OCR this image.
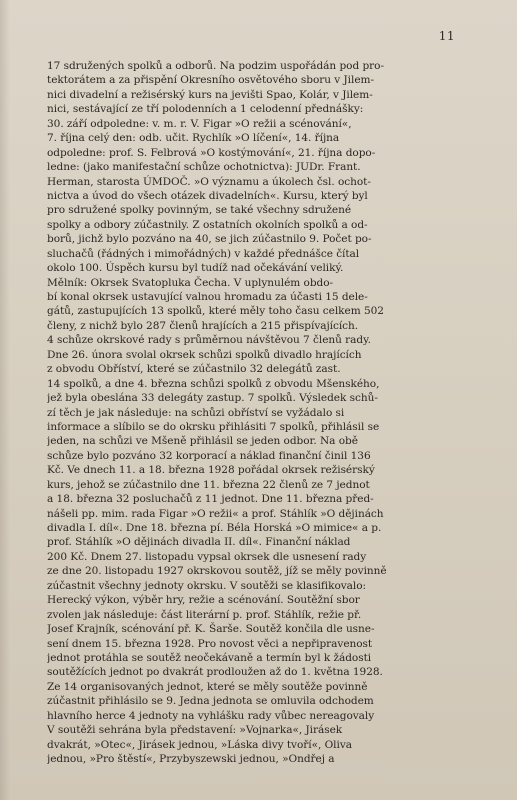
11
17 sdružených spolků a odborů. Na podzim uspořádán pod pro-
tektorátem a za přispění Okresního osvětového sboru v Jilem-
nici divadelní a režisérský kurs na jevišti Spao, Kolár, v Jilem-
nici, sestávající ze tří polodenních a 1 celodenní přednášky:
30. září odpoledne: v. m. r. V. Figar »O režii a scénování«,
7. října celý den: odb. učit. Rychlík »O líčení«, 14. října
odpoledne: prof. S. Felbrová »O kostýmování«, 21. října dopo-
ledne: (jako manifestační schůze ochotnictva): JUDr. Frant.
Herman, starosta ÚMDOČ. »O významu a úkolech čsl. ochot-
nictva a úvod do všech otázek divadelních«. Kursu, který byl
pro sdružené spolky povinným, se také všechny sdružené
spolky a odbory zúčastnily. Z ostatních okolních spolků a od-
borů, jichž bylo pozváno na 40, se jich zúčastnilo 9. Počet po-
sluchačů (řádných i mimořádných) v každé přednášce čítal
okolo 100. Úspěch kursu byl tudíž nad očekávání veliký.
Mělník: Okrsek Svatopluka Čecha. V uplynulém obdo-
bí konal okrsek ustavující valnou hromadu za účasti 15 dele-
gátů, zastupujících 13 spolků, které měly toho času celkem 502
členy, z nichž bylo 287 členů hrajících a 215 přispívajících.
4 schůze okrskové rady s průměrnou návštěvou 7 členů rady.
Dne 26. února svolal okrsek schůzi spolků divadlo hrajících
z obvodu Obříství, které se zúčastnilo 32 delegátů zast.
14 spolků, a dne 4. března schůzi spolků z obvodu Mšenského,
jež byla obeslána 33 delegáty zastup. 7 spolků. Výsledek schů-
zí těch je jak následuje: na schůzi obříství se vyžádalo si
informace a slíbilo se do okrsku přihlásiti 7 spolků, přihlásil se
jeden, na schůzi ve Mšeně přihlásil se jeden odbor. Na obě
schůze bylo pozváno 32 korporací a náklad finanční činil 136
Kč. Ve dnech 11. a 18. března 1928 pořádal okrsek režisérský
kurs, jehož se zúčastnilo dne 11. března 22 členů ze 7 jednot
a 18. března 32 posluchačů z 11 jednot. Dne 11. března před-
nášeli pp. mim. rada Figar »O režii« a prof. Stáhlík »O dějinách
divadla I. díl«. Dne 18. března pí. Béla Horská »O mimice« a p.
prof. Stáhlík »O dějinách divadla II. díl«. Finanční náklad
200 Kč. Dnem 27. listopadu vypsal okrsek dle usnesení rady
ze dne 20. listopadu 1927 okrskovou soutěž, jíž se měly povinně
zúčastnit všechny jednoty okrsku. V soutěži se klasifikovalo:
Herecký výkon, výběr hry, režie a scénování. Soutěžní sbor
zvolen jak následuje: část literární p. prof. Stáhlík, režie př.
Josef Krajník, scénování př. K. Šarše. Soutěž končila dle usne-
sení dnem 15. března 1928. Pro novost věci a nepřipravenost
jednot protáhla se soutěž neočekávaně a termín byl k žádosti
soutěžících jednot po dvakrát prodloužen až do 1. května 1928.
Ze 14 organisovaných jednot, které se měly soutěže povinně
zúčastnit přihlásilo se 9. Jedna jednota se omluvila odchodem
hlavního herce 4 jednoty na vyhlášku rady vůbec nereagovaly
V soutěži sehrána byla představení: »Vojnarka«, Jirásek
dvakrát, »Otec«, Jirásek jednou, »Láska divy tvoří«, Oliva
jednou, »Pro štěstí«, Przybyszewski jednou, »Ondřej a
